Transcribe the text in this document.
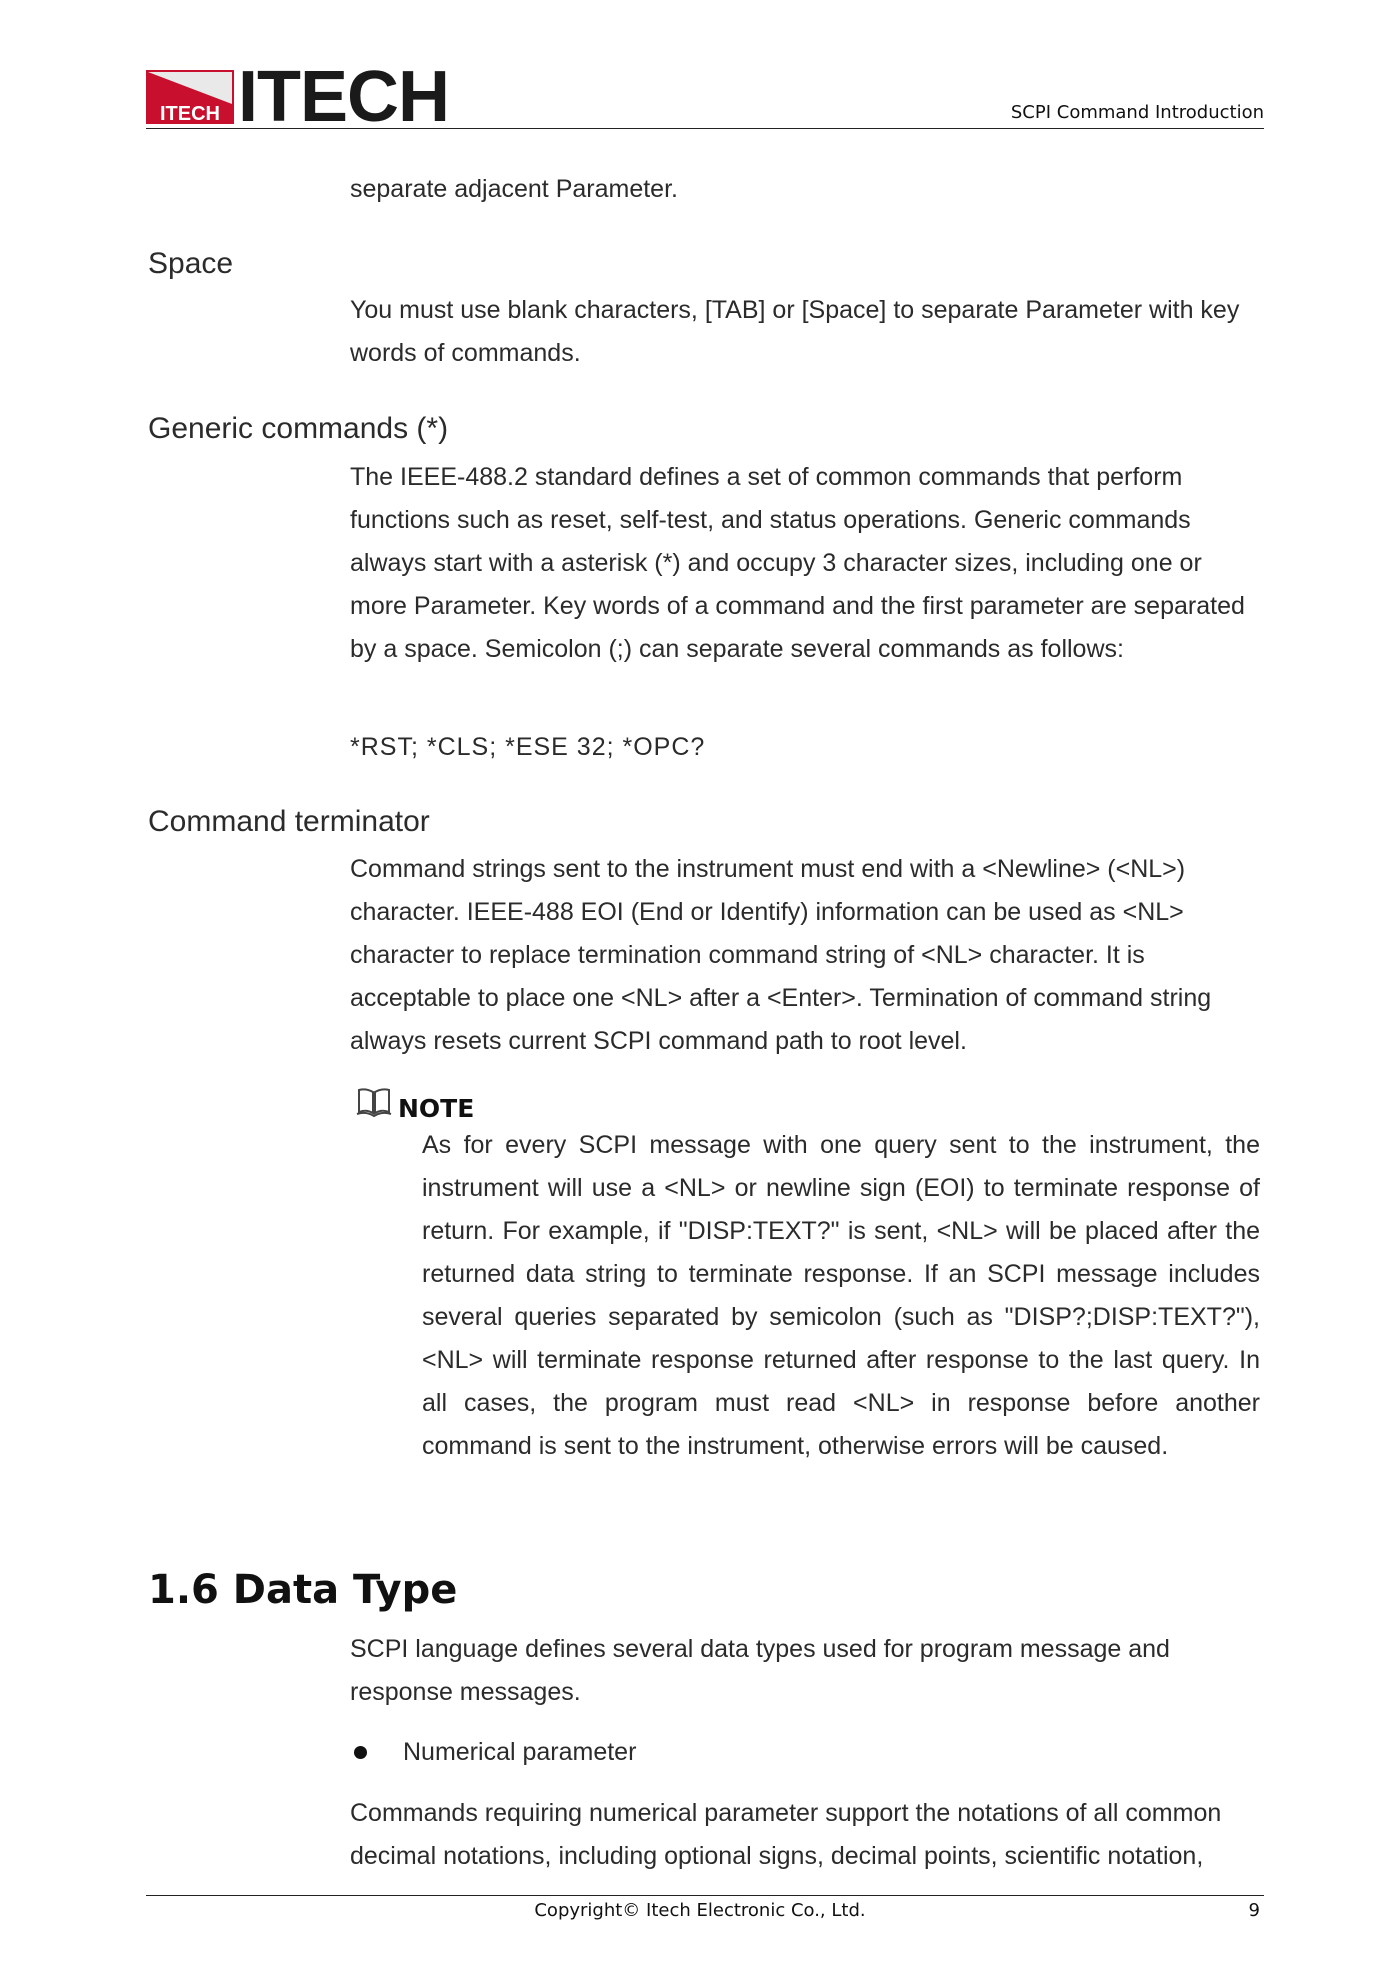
ITECH ITECH	SCPI Command Introduction
separate adjacent Parameter.
Space
You must use blank characters, [TAB] or [Space] to separate Parameter with key words of commands.
Generic commands (*)
The IEEE-488.2 standard defines a set of common commands that perform functions such as reset, self-test, and status operations. Generic commands always start with a asterisk (*) and occupy 3 character sizes, including one or more Parameter. Key words of a command and the first parameter are separated by a space. Semicolon (;) can separate several commands as follows:
*RST; *CLS; *ESE 32; *OPC?
Command terminator
Command strings sent to the instrument must end with a <Newline> (<NL>) character. IEEE-488 EOI (End or Identify) information can be used as <NL> character to replace termination command string of <NL> character. It is acceptable to place one <NL> after a <Enter>. Termination of command string always resets current SCPI command path to root level.
NOTE
As for every SCPI message with one query sent to the instrument, the instrument will use a <NL> or newline sign (EOI) to terminate response of return. For example, if "DISP:TEXT?" is sent, <NL> will be placed after the returned data string to terminate response. If an SCPI message includes several queries separated by semicolon (such as "DISP?;DISP:TEXT?"), <NL> will terminate response returned after response to the last query. In all cases, the program must read <NL> in response before another command is sent to the instrument, otherwise errors will be caused.
1.6 Data Type
SCPI language defines several data types used for program message and response messages.
Numerical parameter
Commands requiring numerical parameter support the notations of all common decimal notations, including optional signs, decimal points, scientific notation,
Copyright© Itech Electronic Co., Ltd.	9
